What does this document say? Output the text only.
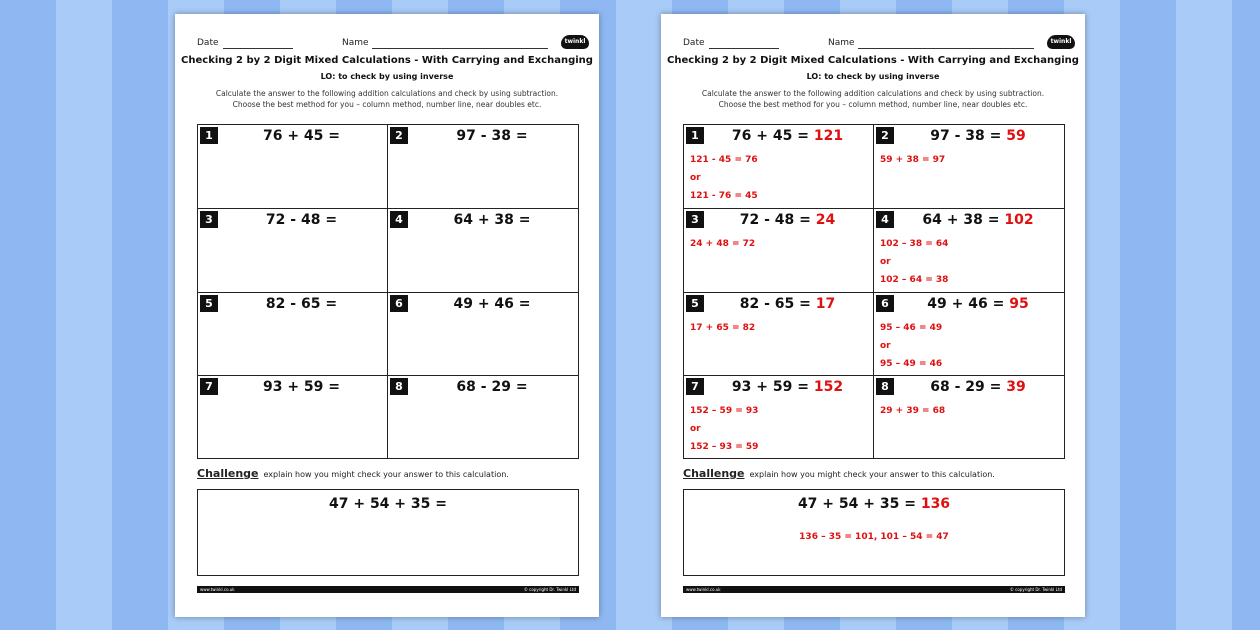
Date	Name	twinkl
Checking 2 by 2 Digit Mixed Calculations - With Carrying and Exchanging
LO: to check by using inverse
Calculate the answer to the following addition calculations and check by using subtraction.
Choose the best method for you – column method, number line, near doubles etc.
1	76 + 45 =	2	97 - 38 =
3	72 - 48 =	4	64 + 38 =
5	82 - 65 =	6	49 + 46 =
7	93 + 59 =	8	68 - 29 =
Challenge explain how you might check your answer to this calculation.
47 + 54 + 35 =
www.twinkl.co.uk	© copyright Dr. Twinkl Ltd
Date	Name	twinkl
Checking 2 by 2 Digit Mixed Calculations - With Carrying and Exchanging
LO: to check by using inverse
Calculate the answer to the following addition calculations and check by using subtraction.
Choose the best method for you – column method, number line, near doubles etc.
1	76 + 45 = 121
121 - 45 = 76
or
121 - 76 = 45
2	97 - 38 = 59
59 + 38 = 97
3	72 - 48 = 24
24 + 48 = 72
4	64 + 38 = 102
102 – 38 = 64
or
102 – 64 = 38
5	82 - 65 = 17
17 + 65 = 82
6	49 + 46 = 95
95 – 46 = 49
or
95 – 49 = 46
7	93 + 59 = 152
152 – 59 = 93
or
152 – 93 = 59
8	68 - 29 = 39
29 + 39 = 68
Challenge explain how you might check your answer to this calculation.
47 + 54 + 35 = 136
136 – 35 = 101, 101 – 54 = 47
www.twinkl.co.uk	© copyright Dr. Twinkl Ltd
